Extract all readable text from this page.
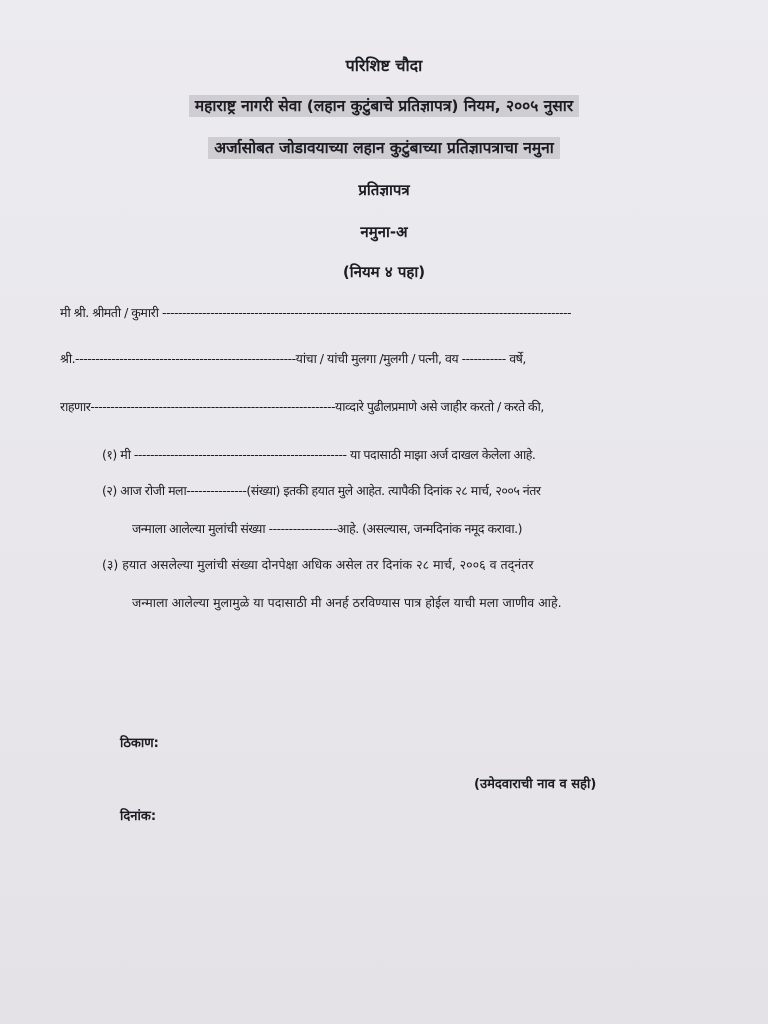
परिशिष्ट चौदा
महाराष्ट्र नागरी सेवा (लहान कुटुंबाचे प्रतिज्ञापत्र) नियम, २००५ नुसार
अर्जासोबत जोडावयाच्या लहान कुटुंबाच्या प्रतिज्ञापत्राचा नमुना
प्रतिज्ञापत्र
नमुना-अ
(नियम ४ पहा)
मी श्री. श्रीमती / कुमारी ------------------------------------------------------------------------------------------------------
श्री.-------------------------------------------------------यांचा / यांची मुलगा /मुलगी / पत्नी, वय ----------- वर्षे,
राहणार-------------------------------------------------------------याव्दारे पुढीलप्रमाणे असे जाहीर करतो / करते की,
(१) मी ----------------------------------------------------- या पदासाठी माझा अर्ज दाखल केलेला आहे.
(२) आज रोजी मला---------------(संख्या) इतकी हयात मुले आहेत. त्यापैकी दिनांक २८ मार्च, २००५ नंतर
जन्माला आलेल्या मुलांची संख्या -----------------आहे. (असल्यास, जन्मदिनांक नमूद करावा.)
(३) हयात असलेल्या मुलांची संख्या दोनपेक्षा अधिक असेल तर दिनांक २८ मार्च, २००६ व तद्नंतर
जन्माला आलेल्या मुलामुळे या पदासाठी मी अनर्ह ठरविण्यास पात्र होईल याची मला जाणीव आहे.
ठिकाण:
(उमेदवाराची नाव व सही)
दिनांक:
